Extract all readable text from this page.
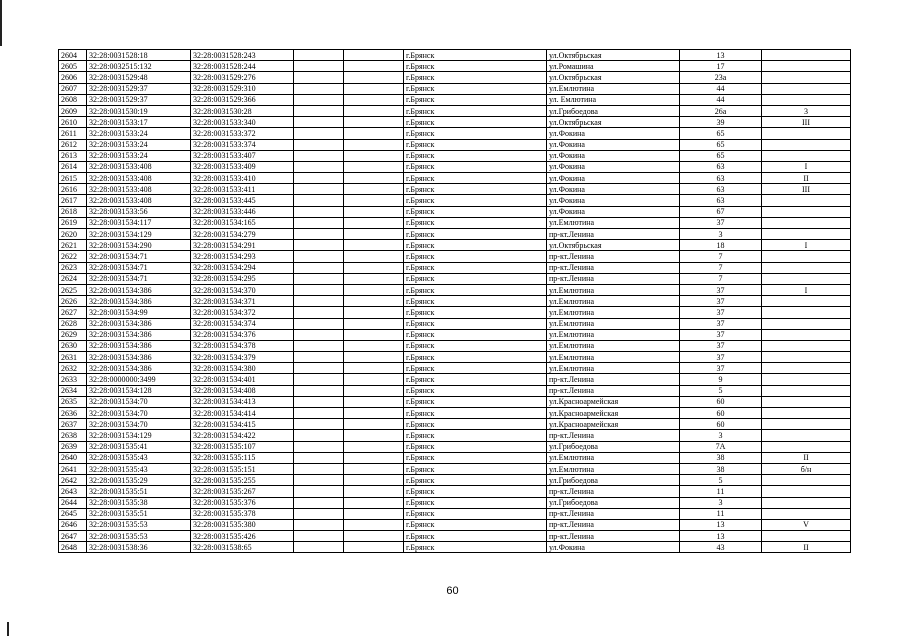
2604	32:28:0031528:18	32:28:0031528:243			г.Брянск	ул.Октябрьская	13	
2605	32:28:0032515:132	32:28:0031528:244			г.Брянск	ул.Ромашина	17	
2606	32:28:0031529:48	32:28:0031529:276			г.Брянск	ул.Октябрьская	23а	
2607	32:28:0031529:37	32:28:0031529:310			г.Брянск	ул.Емлютина	44	
2608	32:28:0031529:37	32:28:0031529:366			г.Брянск	ул. Емлютина	44	
2609	32:28:0031530:19	32:28:0031530:28			г.Брянск	ул.Грибоедова	26а	3
2610	32:28:0031533:17	32:28:0031533:340			г.Брянск	ул.Октябрьская	39	III
2611	32:28:0031533:24	32:28:0031533:372			г.Брянск	ул.Фокина	65	
2612	32:28:0031533:24	32:28:0031533:374			г.Брянск	ул.Фокина	65	
2613	32:28:0031533:24	32:28:0031533:407			г.Брянск	ул.Фокина	65	
2614	32:28:0031533:408	32:28:0031533:409			г.Брянск	ул.Фокина	63	I
2615	32:28:0031533:408	32:28:0031533:410			г.Брянск	ул.Фокина	63	II
2616	32:28:0031533:408	32:28:0031533:411			г.Брянск	ул.Фокина	63	III
2617	32:28:0031533:408	32:28:0031533:445			г.Брянск	ул.Фокина	63	
2618	32:28:0031533:56	32:28:0031533:446			г.Брянск	ул.Фокина	67	
2619	32:28:0031534:117	32:28:0031534:165			г.Брянск	ул.Емлютина	37	
2620	32:28:0031534:129	32:28:0031534:279			г.Брянск	пр-кт.Ленина	3	
2621	32:28:0031534:290	32:28:0031534:291			г.Брянск	ул.Октябрьская	18	I
2622	32:28:0031534:71	32:28:0031534:293			г.Брянск	пр-кт.Ленина	7	
2623	32:28:0031534:71	32:28:0031534:294			г.Брянск	пр-кт.Ленина	7	
2624	32:28:0031534:71	32:28:0031534:295			г.Брянск	пр-кт.Ленина	7	
2625	32:28:0031534:386	32:28:0031534:370			г.Брянск	ул.Емлютина	37	I
2626	32:28:0031534:386	32:28:0031534:371			г.Брянск	ул.Емлютина	37	
2627	32:28:0031534:99	32:28:0031534:372			г.Брянск	ул.Емлютина	37	
2628	32:28:0031534:386	32:28:0031534:374			г.Брянск	ул.Емлютина	37	
2629	32:28:0031534:386	32:28:0031534:376			г.Брянск	ул.Емлютина	37	
2630	32:28:0031534:386	32:28:0031534:378			г.Брянск	ул.Емлютина	37	
2631	32:28:0031534:386	32:28:0031534:379			г.Брянск	ул.Емлютина	37	
2632	32:28:0031534:386	32:28:0031534:380			г.Брянск	ул.Емлютина	37	
2633	32:28:0000000:3499	32:28:0031534:401			г.Брянск	пр-кт.Ленина	9	
2634	32:28:0031534:128	32:28:0031534:408			г.Брянск	пр-кт.Ленина	5	
2635	32:28:0031534:70	32:28:0031534:413			г.Брянск	ул.Красноармейская	60	
2636	32:28:0031534:70	32:28:0031534:414			г.Брянск	ул.Красноармейская	60	
2637	32:28:0031534:70	32:28:0031534:415			г.Брянск	ул.Красноармейская	60	
2638	32:28:0031534:129	32:28:0031534:422			г.Брянск	пр-кт.Ленина	3	
2639	32:28:0031535:41	32:28:0031535:107			г.Брянск	ул.Грибоедова	7А	
2640	32:28:0031535:43	32:28:0031535:115			г.Брянск	ул.Емлютина	38	II
2641	32:28:0031535:43	32:28:0031535:151			г.Брянск	ул.Емлютина	38	б/н
2642	32:28:0031535:29	32:28:0031535:255			г.Брянск	ул.Грибоедова	5	
2643	32:28:0031535:51	32:28:0031535:267			г.Брянск	пр-кт.Ленина	11	
2644	32:28:0031535:38	32:28:0031535:376			г.Брянск	ул.Грибоедова	3	
2645	32:28:0031535:51	32:28:0031535:378			г.Брянск	пр-кт.Ленина	11	
2646	32:28:0031535:53	32:28:0031535:380			г.Брянск	пр-кт.Ленина	13	V
2647	32:28:0031535:53	32:28:0031535:426			г.Брянск	пр-кт.Ленина	13	
2648	32:28:0031538:36	32:28:0031538:65			г.Брянск	ул.Фокина	43	II
60
